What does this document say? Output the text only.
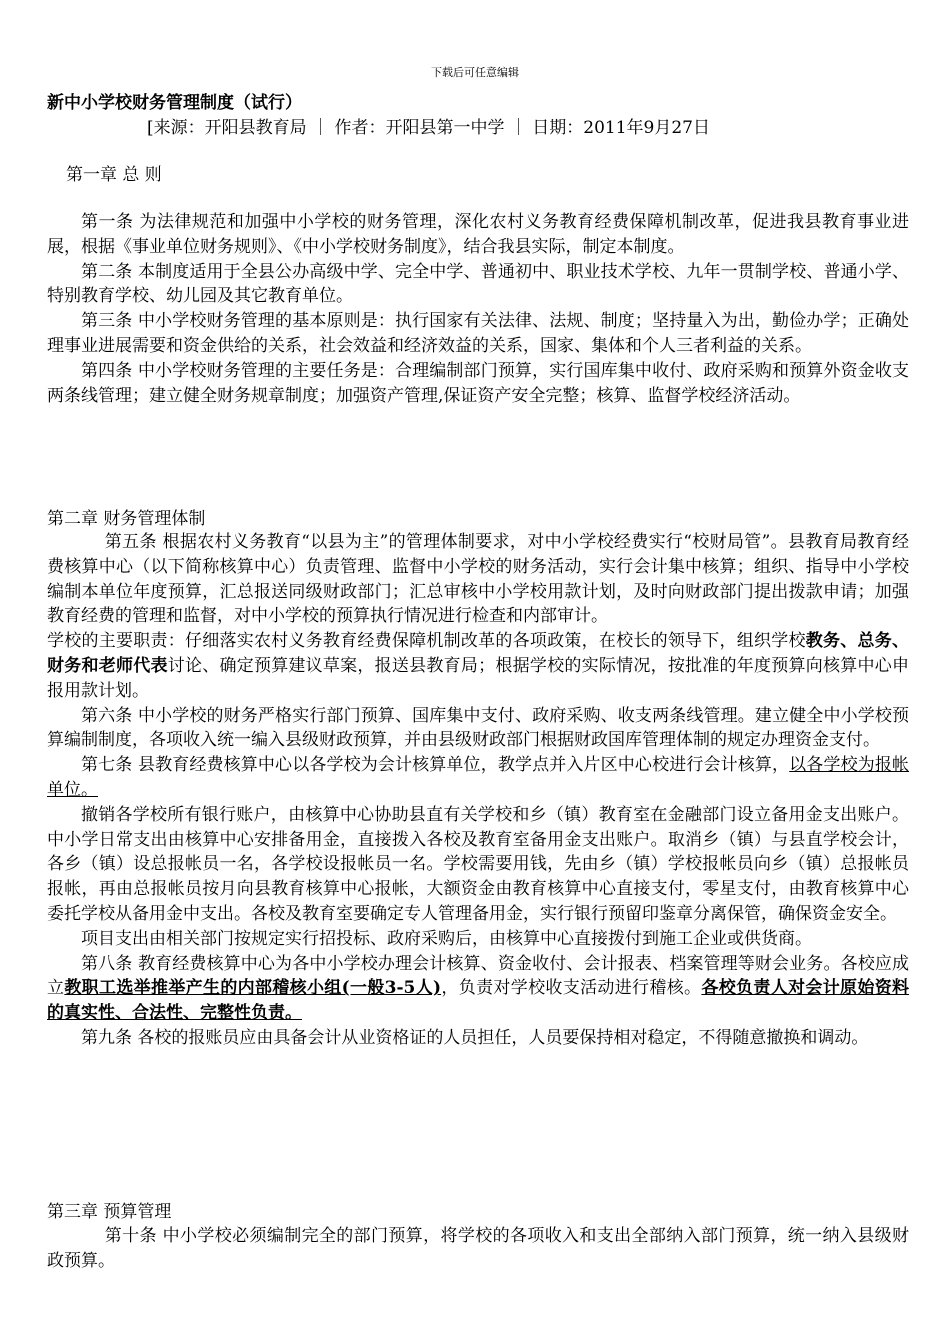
下载后可任意编辑
新中小学校财务管理制度（试行）
[来源：开阳县教育局 ｜ 作者：开阳县第一中学 ｜ 日期：2011年9月27日
第一章 总 则

第一条 为法律规范和加强中小学校的财务管理，深化农村义务教育经费保障机制改革，促进我县教育事业进展，根据《事业单位财务规则》、《中小学校财务制度》，结合我县实际，制定本制度。

第二条 本制度适用于全县公办高级中学、完全中学、普通初中、职业技术学校、九年一贯制学校、普通小学、特别教育学校、幼儿园及其它教育单位。

第三条 中小学校财务管理的基本原则是：执行国家有关法律、法规、制度；坚持量入为出，勤俭办学；正确处理事业进展需要和资金供给的关系，社会效益和经济效益的关系，国家、集体和个人三者利益的关系。

第四条 中小学校财务管理的主要任务是：合理编制部门预算，实行国库集中收付、政府采购和预算外资金收支两条线管理；建立健全财务规章制度；加强资产管理,保证资产安全完整；核算、监督学校经济活动。

第二章 财务管理体制

第五条 根据农村义务教育“以县为主”的管理体制要求，对中小学校经费实行“校财局管”。县教育局教育经费核算中心（以下简称核算中心）负责管理、监督中小学校的财务活动，实行会计集中核算；组织、指导中小学校编制本单位年度预算，汇总报送同级财政部门；汇总审核中小学校用款计划，及时向财政部门提出拨款申请；加强教育经费的管理和监督，对中小学校的预算执行情况进行检查和内部审计。

学校的主要职责：仔细落实农村义务教育经费保障机制改革的各项政策，在校长的领导下，组织学校教务、总务、财务和老师代表讨论、确定预算建议草案，报送县教育局；根据学校的实际情况，按批准的年度预算向核算中心申报用款计划。

第六条 中小学校的财务严格实行部门预算、国库集中支付、政府采购、收支两条线管理。建立健全中小学校预算编制制度，各项收入统一编入县级财政预算，并由县级财政部门根据财政国库管理体制的规定办理资金支付。

第七条 县教育经费核算中心以各学校为会计核算单位，教学点并入片区中心校进行会计核算，以各学校为报帐单位。

撤销各学校所有银行账户，由核算中心协助县直有关学校和乡（镇）教育室在金融部门设立备用金支出账户。中小学日常支出由核算中心安排备用金，直接拨入各校及教育室备用金支出账户。取消乡（镇）与县直学校会计，各乡（镇）设总报帐员一名，各学校设报帐员一名。学校需要用钱，先由乡（镇）学校报帐员向乡（镇）总报帐员报帐，再由总报帐员按月向县教育核算中心报帐，大额资金由教育核算中心直接支付，零星支付，由教育核算中心委托学校从备用金中支出。各校及教育室要确定专人管理备用金，实行银行预留印鉴章分离保管，确保资金安全。

项目支出由相关部门按规定实行招投标、政府采购后，由核算中心直接拨付到施工企业或供货商。

第八条 教育经费核算中心为各中小学校办理会计核算、资金收付、会计报表、档案管理等财会业务。各校应成立教职工选举推举产生的内部稽核小组(一般3-5人)，负责对学校收支活动进行稽核。各校负责人对会计原始资料的真实性、合法性、完整性负责。

第九条 各校的报账员应由具备会计从业资格证的人员担任，人员要保持相对稳定，不得随意撤换和调动。

第三章 预算管理

第十条 中小学校必须编制完全的部门预算，将学校的各项收入和支出全部纳入部门预算，统一纳入县级财政预算。
